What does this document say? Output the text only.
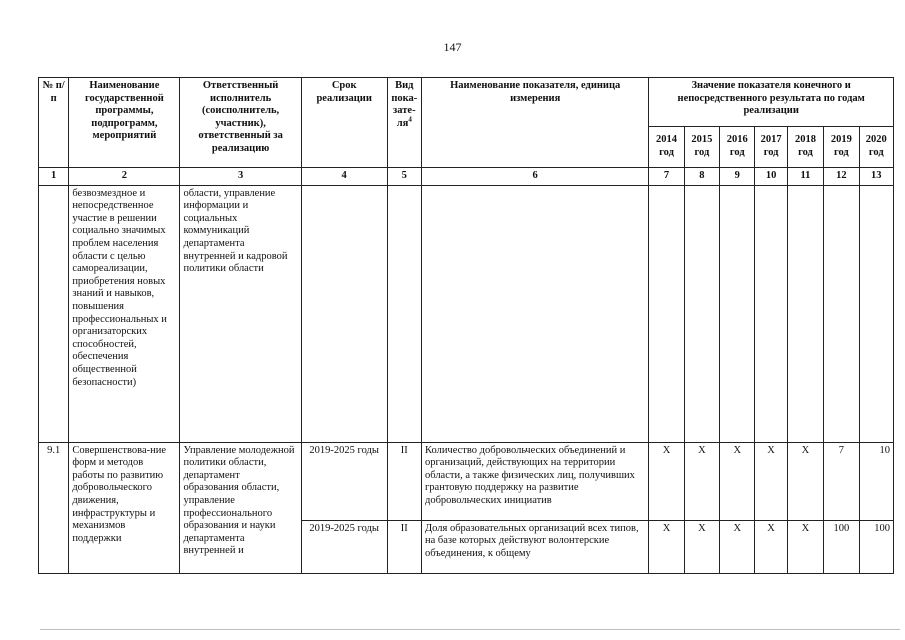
147
№ п/п	Наименование государственной программы, подпрограмм, мероприятий	Ответственный исполнитель (соисполнитель, участник), ответственный за реализацию	Срок реализации	Вид пока-$зате-ля^4$	Наименование показателя, единица измерения	Значение показателя конечного и непосредственного результата по годам реализации						
						2014 год	2015 год	2016 год	2017 год	2018 год	2019 год	2020 год
1	2	3	4	5	6	7	8	9	10	11	12	13
	безвозмездное и непосредственное участие в решении социально значимых проблем населения области с целью самореализации, приобретения новых знаний и навыков, повышения профессиональных и организаторских способностей, обеспечения общественной безопасности)	области, управление информации и социальных коммуникаций департамента внутренней и кадровой политики области										
9.1	Совершенствова-ние форм и методов работы по развитию добровольческого движения, инфраструктуры и механизмов поддержки	Управление молодежной политики области, департамент образования области, управление профессионального образования и науки департамента внутренней и	2019-2025 годы	II	Количество добровольческих объединений и организаций, действующих на территории области, а также физических лиц, получивших грантовую поддержку на развитие добровольческих инициатив	X	X	X	X	X	7	10
			2019-2025 годы	II	Доля образовательных организаций всех типов, на базе которых действуют волонтерские объединения, к общему	X	X	X	X	X	100	100
